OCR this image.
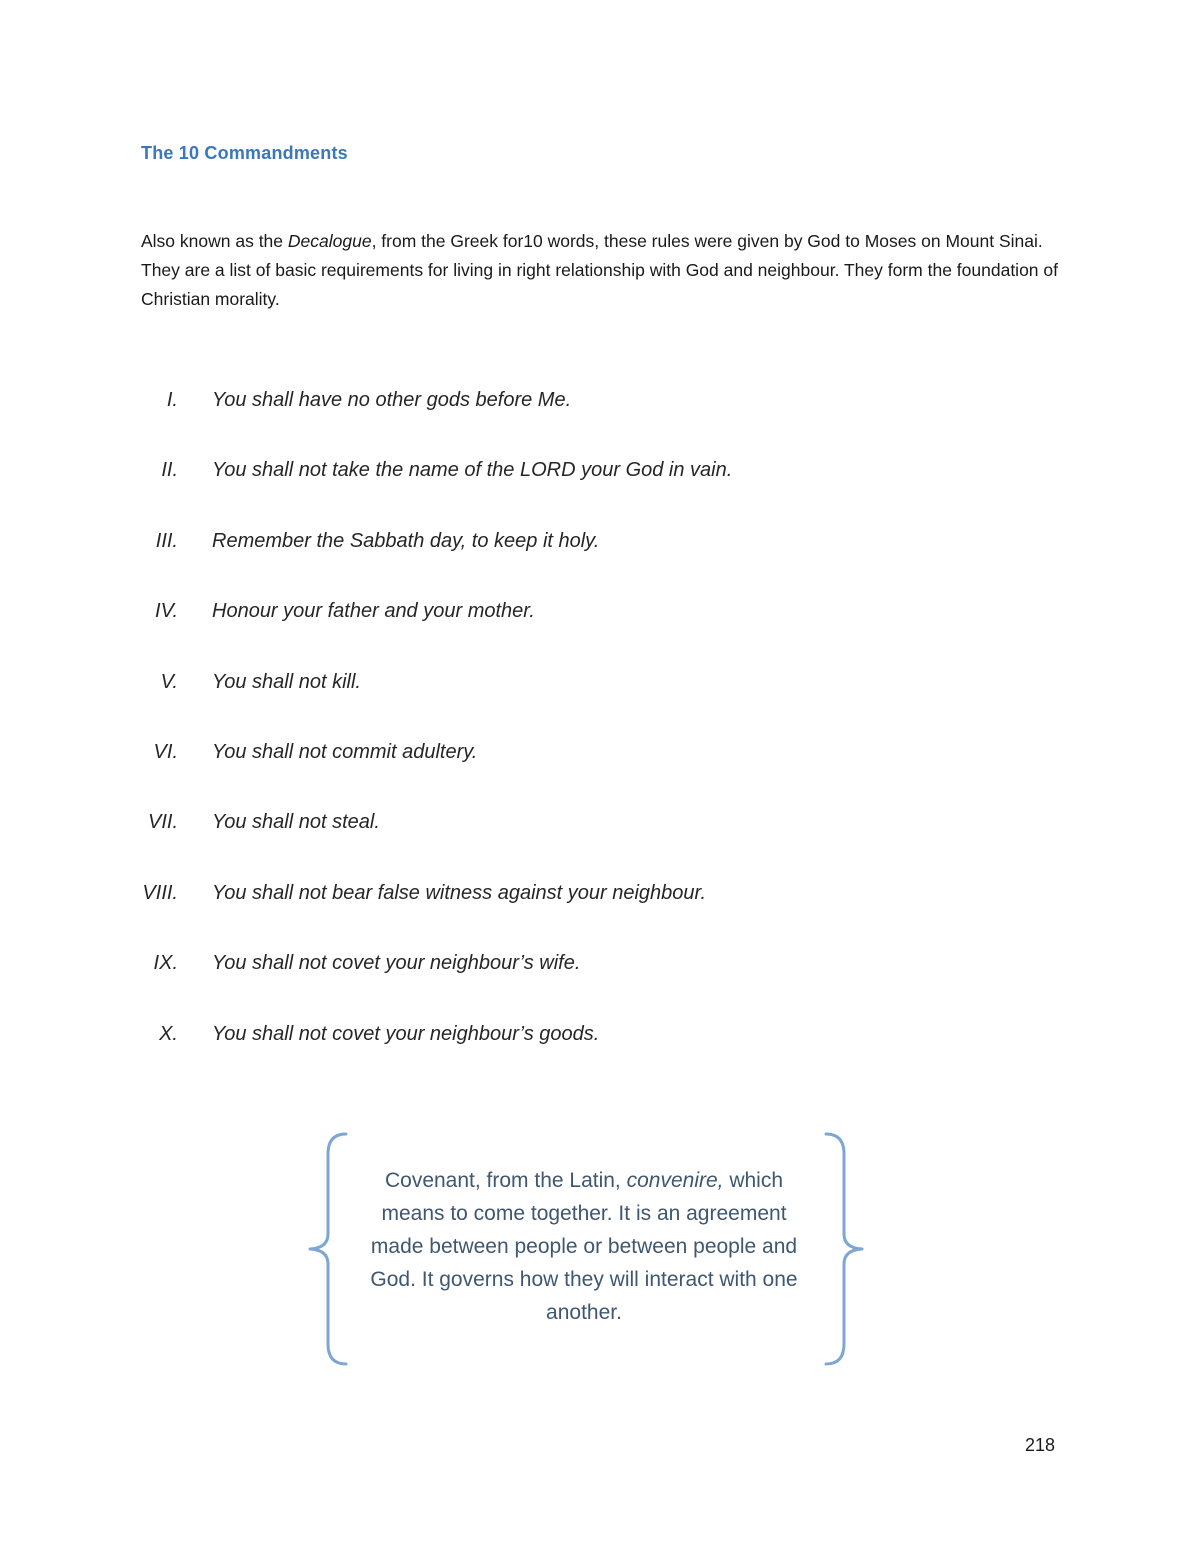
The 10 Commandments

Also known as the Decalogue, from the Greek for10 words, these rules were given by God to Moses on Mount Sinai. They are a list of basic requirements for living in right relationship with God and neighbour. They form the foundation of Christian morality.

I. You shall have no other gods before Me.
II. You shall not take the name of the LORD your God in vain.
III. Remember the Sabbath day, to keep it holy.
IV. Honour your father and your mother.
V. You shall not kill.
VI. You shall not commit adultery.
VII. You shall not steal.
VIII. You shall not bear false witness against your neighbour.
IX. You shall not covet your neighbour’s wife.
X. You shall not covet your neighbour’s goods.
Covenant, from the Latin, convenire, which means to come together. It is an agreement made between people or between people and God. It governs how they will interact with one another.
218
